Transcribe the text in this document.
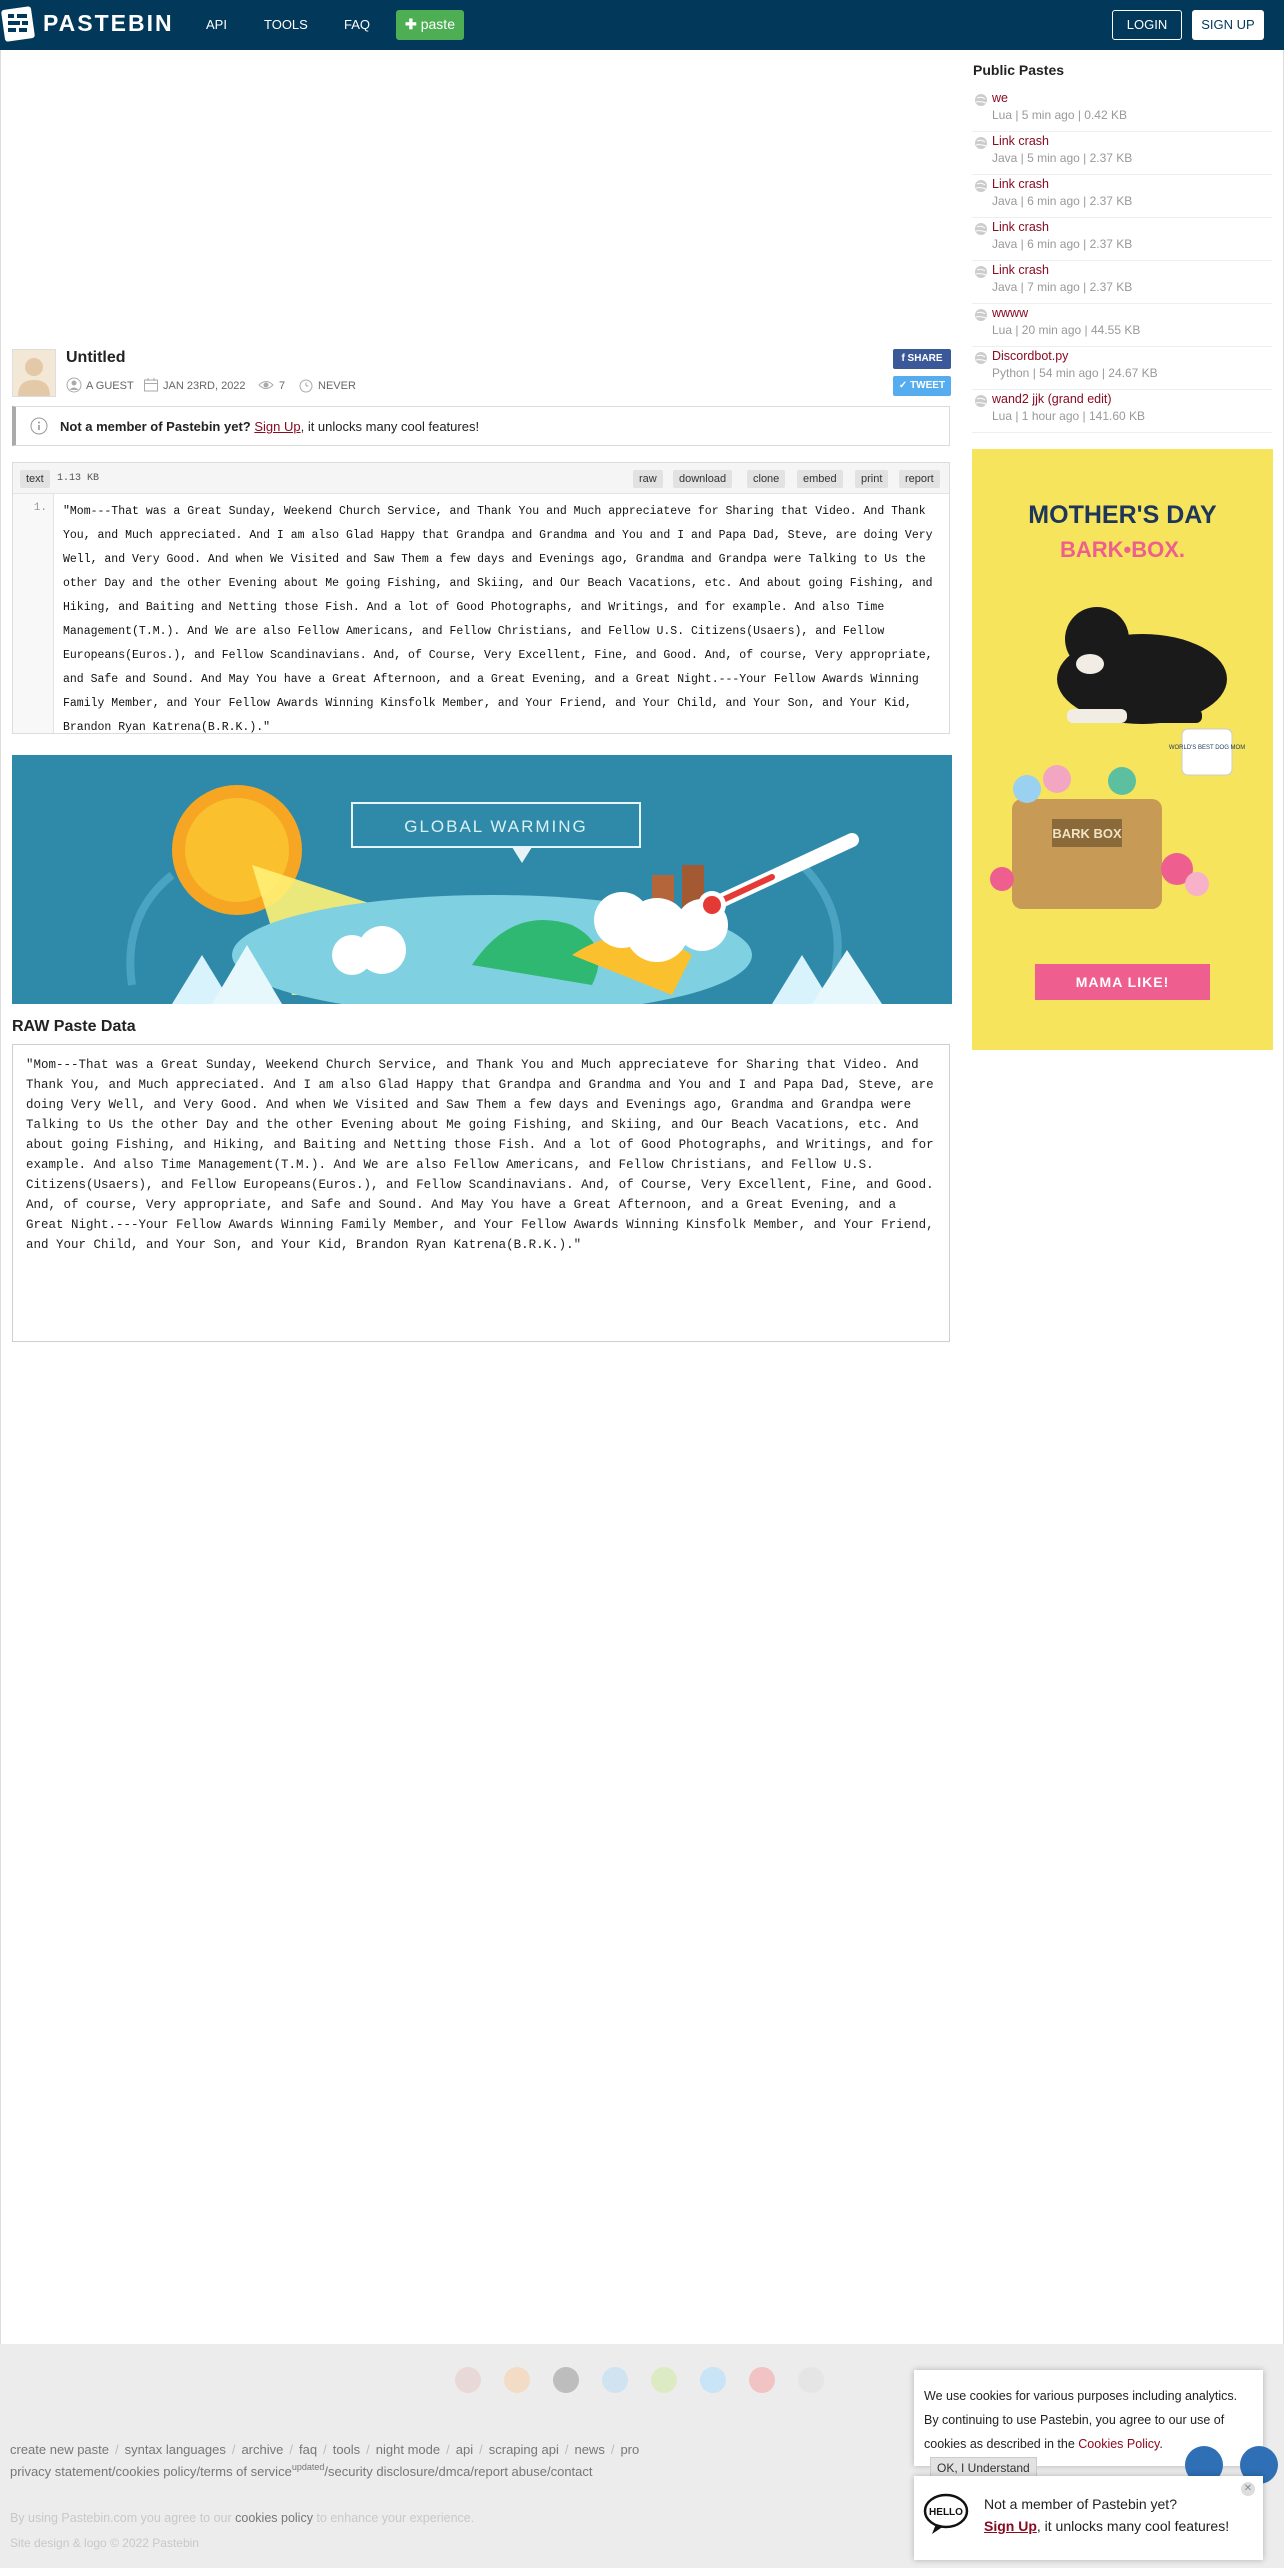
PASTEBIN API	TOOLS	FAQ	✚ paste	LOGIN	SIGN UP
Untitled
A GUEST	JAN 23RD, 2022	7	NEVER
f SHARE
✓ TWEET
Not a member of Pastebin yet? Sign Up, it unlocks many cool features!
text	1.13 KB	raw	download	clone	embed	print	report
1. "Mom---That was a Great Sunday, Weekend Church Service, and Thank You and Much appreciateve for Sharing that Video. And Thank You, and Much appreciated. And I am also Glad Happy that Grandpa and Grandma and You and I and Papa Dad, Steve, are doing Very Well, and Very Good. And when We Visited and Saw Them a few days and Evenings ago, Grandma and Grandpa were Talking to Us the other Day and the other Evening about Me going Fishing, and Skiing, and Our Beach Vacations, etc. And about going Fishing, and Hiking, and Baiting and Netting those Fish. And a lot of Good Photographs, and Writings, and for example. And also Time Management(T.M.). And We are also Fellow Americans, and Fellow Christians, and Fellow U.S. Citizens(Usaers), and Fellow Europeans(Euros.), and Fellow Scandinavians. And, of Course, Very Excellent, Fine, and Good. And, of course, Very appropriate, and Safe and Sound. And May You have a Great Afternoon, and a Great Evening, and a Great Night.---Your Fellow Awards Winning Family Member, and Your Fellow Awards Winning Kinsfolk Member, and Your Friend, and Your Child, and Your Son, and Your Kid, Brandon Ryan Katrena(B.R.K.)."
GLOBAL WARMING
RAW Paste Data
"Mom---That was a Great Sunday, Weekend Church Service, and Thank You and Much appreciateve for Sharing that Video. And Thank You, and Much appreciated. And I am also Glad Happy that Grandpa and Grandma and You and I and Papa Dad, Steve, are doing Very Well, and Very Good. And when We Visited and Saw Them a few days and Evenings ago, Grandma and Grandpa were Talking to Us the other Day and the other Evening about Me going Fishing, and Skiing, and Our Beach Vacations, etc. And about going Fishing, and Hiking, and Baiting and Netting those Fish. And a lot of Good Photographs, and Writings, and for example. And also Time Management(T.M.). And We are also Fellow Americans, and Fellow Christians, and Fellow U.S. Citizens(Usaers), and Fellow Europeans(Euros.), and Fellow Scandinavians. And, of Course, Very Excellent, Fine, and Good. And, of course, Very appropriate, and Safe and Sound. And May You have a Great Afternoon, and a Great Evening, and a Great Night.---Your Fellow Awards Winning Family Member, and Your Fellow Awards Winning Kinsfolk Member, and Your Friend, and Your Child, and Your Son, and Your Kid, Brandon Ryan Katrena(B.R.K.)."
Public Pastes
we
Lua | 5 min ago | 0.42 KB
Link crash
Java | 5 min ago | 2.37 KB
Link crash
Java | 6 min ago | 2.37 KB
Link crash
Java | 6 min ago | 2.37 KB
Link crash
Java | 7 min ago | 2.37 KB
wwww
Lua | 20 min ago | 44.55 KB
Discordbot.py
Python | 54 min ago | 24.67 KB
wand2 jjk (grand edit)
Lua | 1 hour ago | 141.60 KB
MOTHER'S DAY
BARK•BOX.
WORLD'S BEST DOG MOM
BARK BOX
MAMA LIKE!
create new paste / syntax languages / archive / faq / tools / night mode / api / scraping api / news / pro
privacy statement/cookies policy/terms of service$^{updated}$/security disclosure/dmca/report abuse/contact
By using Pastebin.com you agree to our cookies policy to enhance your experience.
Site design & logo © 2022 Pastebin
We use cookies for various purposes including analytics. By continuing to use Pastebin, you agree to our use of cookies as described in the Cookies Policy. OK, I Understand
✕
HELLO
Not a member of Pastebin yet?
Sign Up, it unlocks many cool features!
